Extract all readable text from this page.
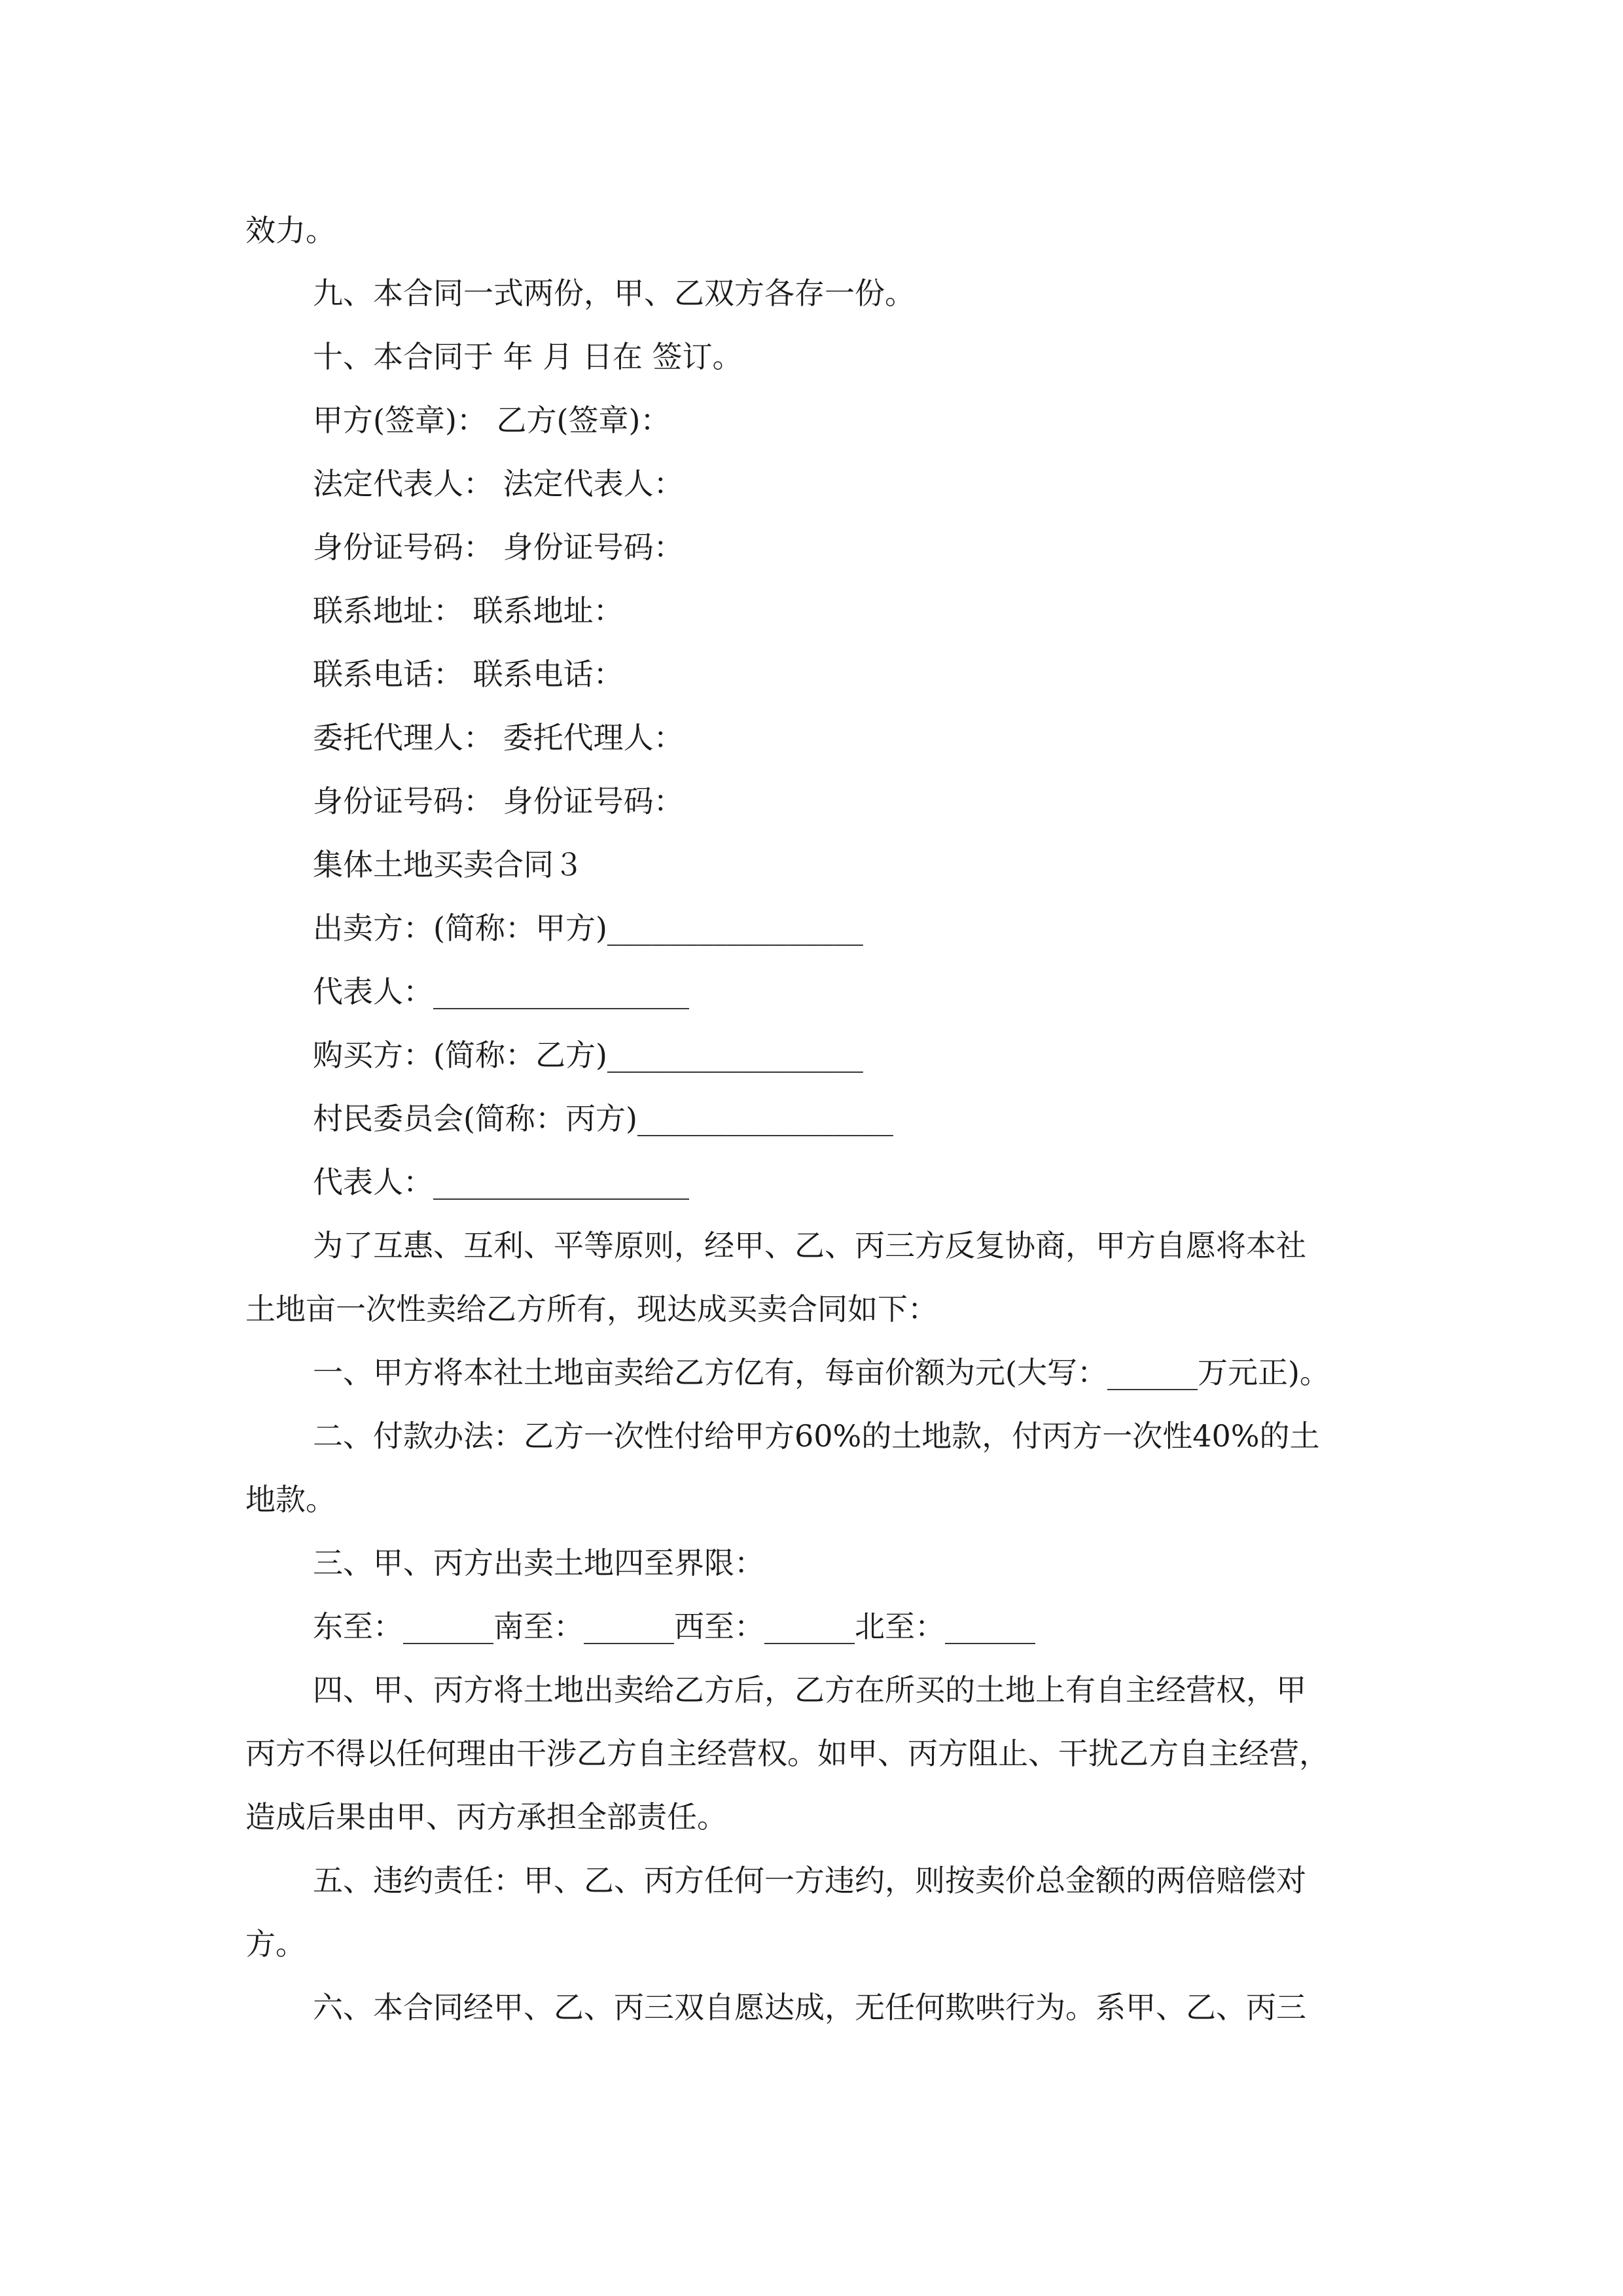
效力。
九、本合同一式两份，甲、乙双方各存一份。
十、本合同于 年 月 日在 签订。
甲方(签章)： 乙方(签章)：
法定代表人： 法定代表人：
身份证号码： 身份证号码：
联系地址： 联系地址：
联系电话： 联系电话：
委托代理人： 委托代理人：
身份证号码： 身份证号码：
集体土地买卖合同３
出卖方：(简称：甲方)_________________
代表人：_________________
购买方：(简称：乙方)_________________
村民委员会(简称：丙方)_________________
代表人：_________________
为了互惠、互利、平等原则，经甲、乙、丙三方反复协商，甲方自愿将本社
土地亩一次性卖给乙方所有，现达成买卖合同如下：
一、甲方将本社土地亩卖给乙方亿有，每亩价额为元(大写：______万元正)。
二、付款办法：乙方一次性付给甲方60%的土地款，付丙方一次性40%的土
地款。
三、甲、丙方出卖土地四至界限：
东至：______南至：______西至：______北至：______
四、甲、丙方将土地出卖给乙方后，乙方在所买的土地上有自主经营权，甲
丙方不得以任何理由干涉乙方自主经营权。如甲、丙方阻止、干扰乙方自主经营，
造成后果由甲、丙方承担全部责任。
五、违约责任：甲、乙、丙方任何一方违约，则按卖价总金额的两倍赔偿对
方。
六、本合同经甲、乙、丙三双自愿达成，无任何欺哄行为。系甲、乙、丙三
